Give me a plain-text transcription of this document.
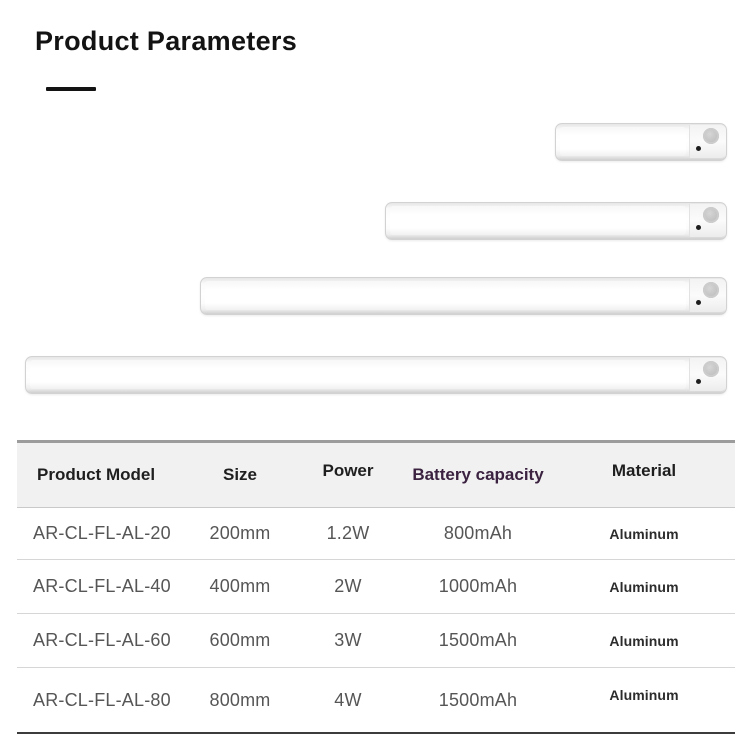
Product Parameters
Product Model	Size	Power	Battery capacity	Material
AR-CL-FL-AL-20	200mm	1.2W	800mAh	Aluminum
AR-CL-FL-AL-40	400mm	2W	1000mAh	Aluminum
AR-CL-FL-AL-60	600mm	3W	1500mAh	Aluminum
AR-CL-FL-AL-80	800mm	4W	1500mAh	Aluminum
